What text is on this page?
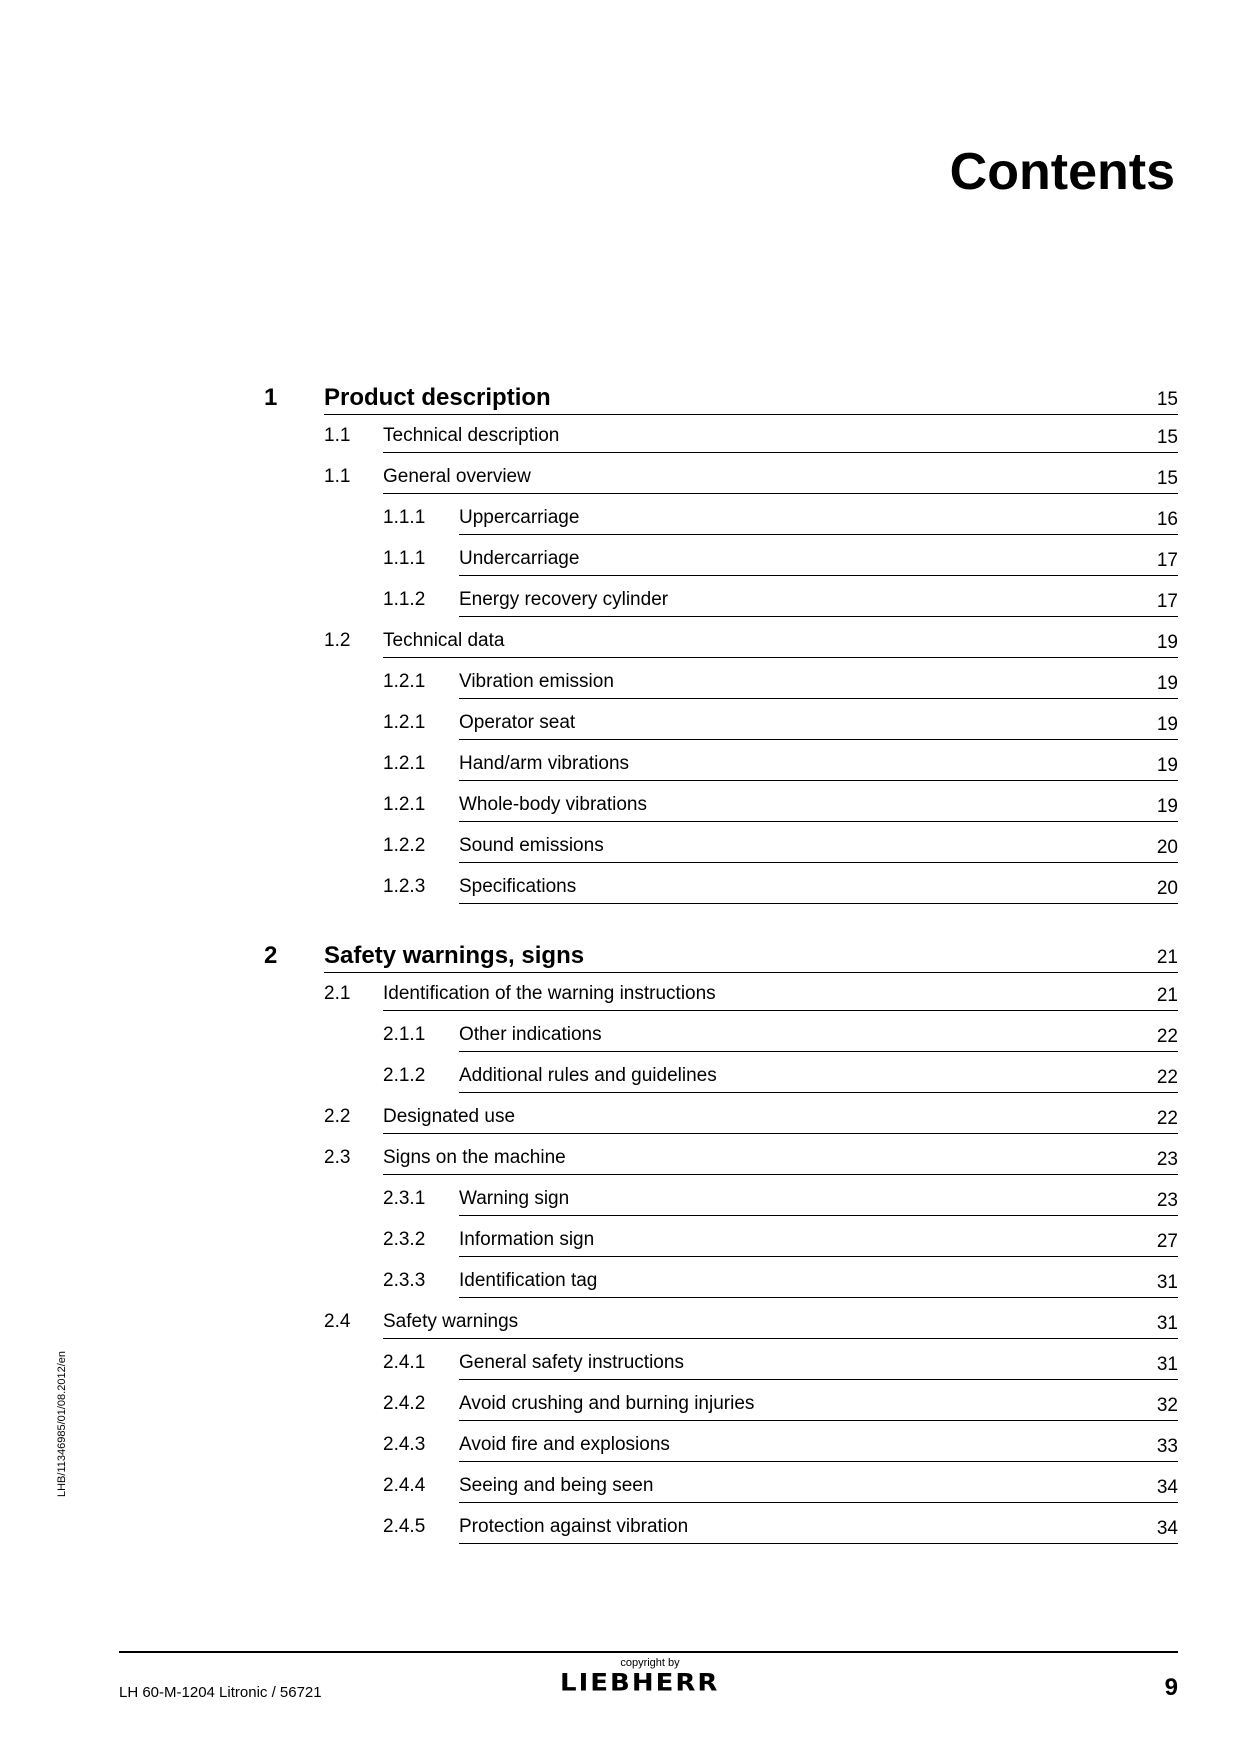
Contents
1 Product description	15
1.1 Technical description	15
1.1 General overview	15
1.1.1 Uppercarriage	16
1.1.1 Undercarriage	17
1.1.2 Energy recovery cylinder	17
1.2 Technical data	19
1.2.1 Vibration emission	19
1.2.1 Operator seat	19
1.2.1 Hand/arm vibrations	19
1.2.1 Whole-body vibrations	19
1.2.2 Sound emissions	20
1.2.3 Specifications	20
2 Safety warnings, signs	21
2.1 Identification of the warning instructions	21
2.1.1 Other indications	22
2.1.2 Additional rules and guidelines	22
2.2 Designated use	22
2.3 Signs on the machine	23
2.3.1 Warning sign	23
2.3.2 Information sign	27
2.3.3 Identification tag	31
2.4 Safety warnings	31
2.4.1 General safety instructions	31
2.4.2 Avoid crushing and burning injuries	32
2.4.3 Avoid fire and explosions	33
2.4.4 Seeing and being seen	34
2.4.5 Protection against vibration	34
LHB/11346985/01/08.2012/en
LH 60-M-1204 Litronic / 56721
copyright by
LIEBHERR	9
